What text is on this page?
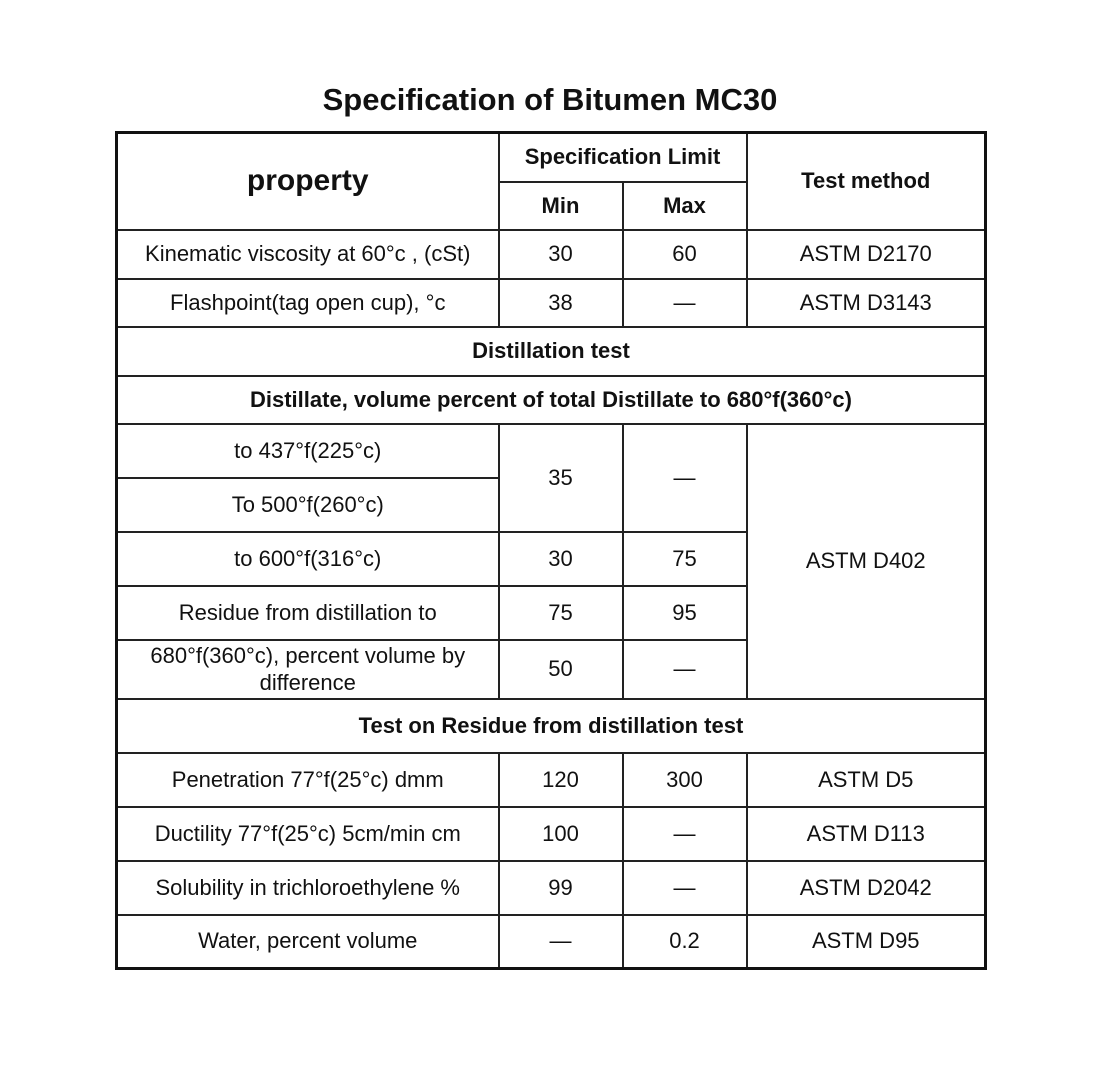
Specification of Bitumen MC30
property	Specification Limit		Test method
	Min	Max	
Kinematic viscosity at 60°c , (cSt)	30	60	ASTM D2170
Flashpoint(tag open cup), °c	38	—	ASTM D3143
Distillation test			
Distillate, volume percent of total Distillate to 680°f(360°c)			
to 437°f(225°c)	35	—	ASTM D402
To 500°f(260°c)			
to 600°f(316°c)	30	75	
Residue from distillation to	75	95	
680°f(360°c), percent volume by difference	50	—	
Test on Residue from distillation test			
Penetration 77°f(25°c) dmm	120	300	ASTM D5
Ductility 77°f(25°c) 5cm/min cm	100	—	ASTM D113
Solubility in trichloroethylene %	99	—	ASTM D2042
Water, percent volume	—	0.2	ASTM D95
